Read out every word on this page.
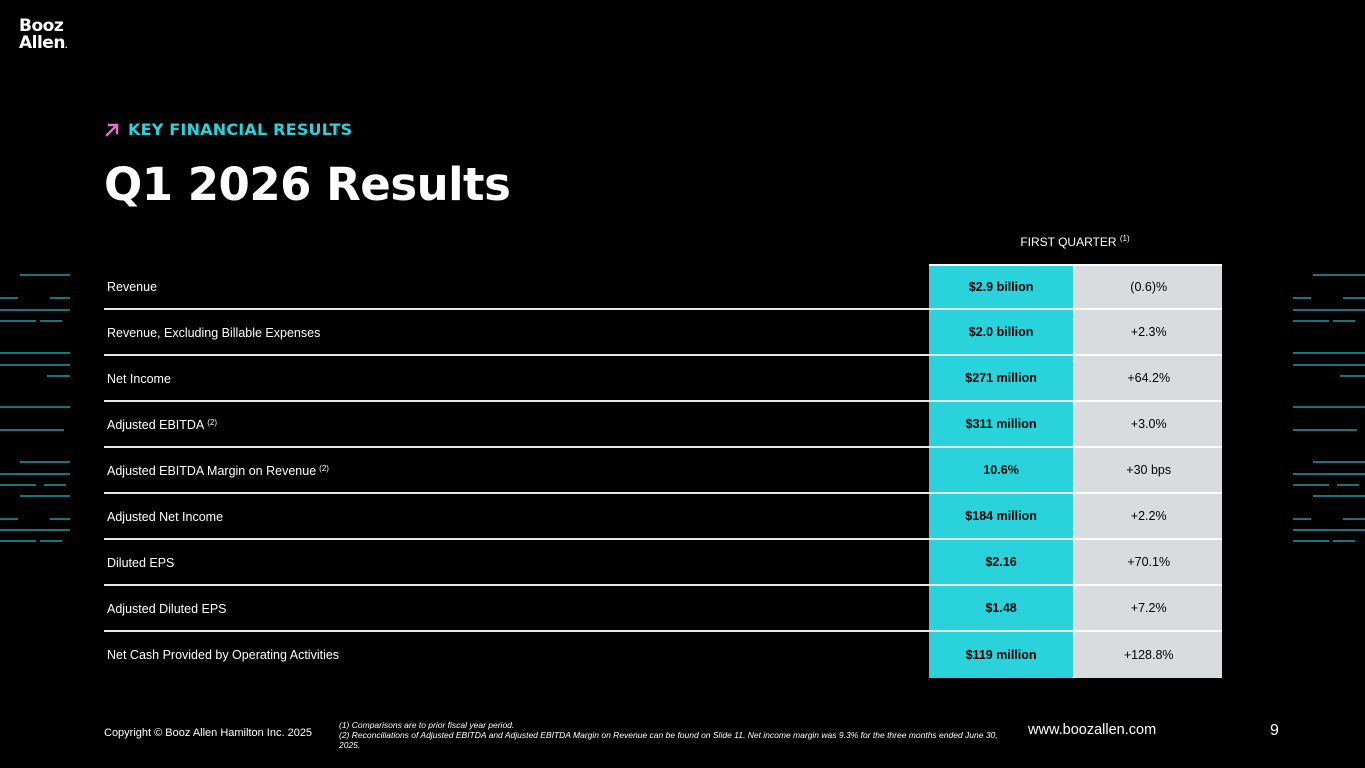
Booz
Allen.
KEY FINANCIAL RESULTS
Q1 2026 Results
FIRST QUARTER $^{(1)}$
Revenue	$2.9 billion	(0.6)%
Revenue, Excluding Billable Expenses	$2.0 billion	+2.3%
Net Income	$271 million	+64.2%
Adjusted EBITDA $^{(2)}$	$311 million	+3.0%
Adjusted EBITDA Margin on Revenue $^{(2)}$	10.6%	+30 bps
Adjusted Net Income	$184 million	+2.2%
Diluted EPS	$2.16	+70.1%
Adjusted Diluted EPS	$1.48	+7.2%
Net Cash Provided by Operating Activities	$119 million	+128.8%
Copyright © Booz Allen Hamilton Inc. 2025
(1) Comparisons are to prior fiscal year period.
(2) Reconciliations of Adjusted EBITDA and Adjusted EBITDA Margin on Revenue can be found on Slide 11. Net income margin was 9.3% for the three months ended June 30, 2025.
www.boozallen.com	9
